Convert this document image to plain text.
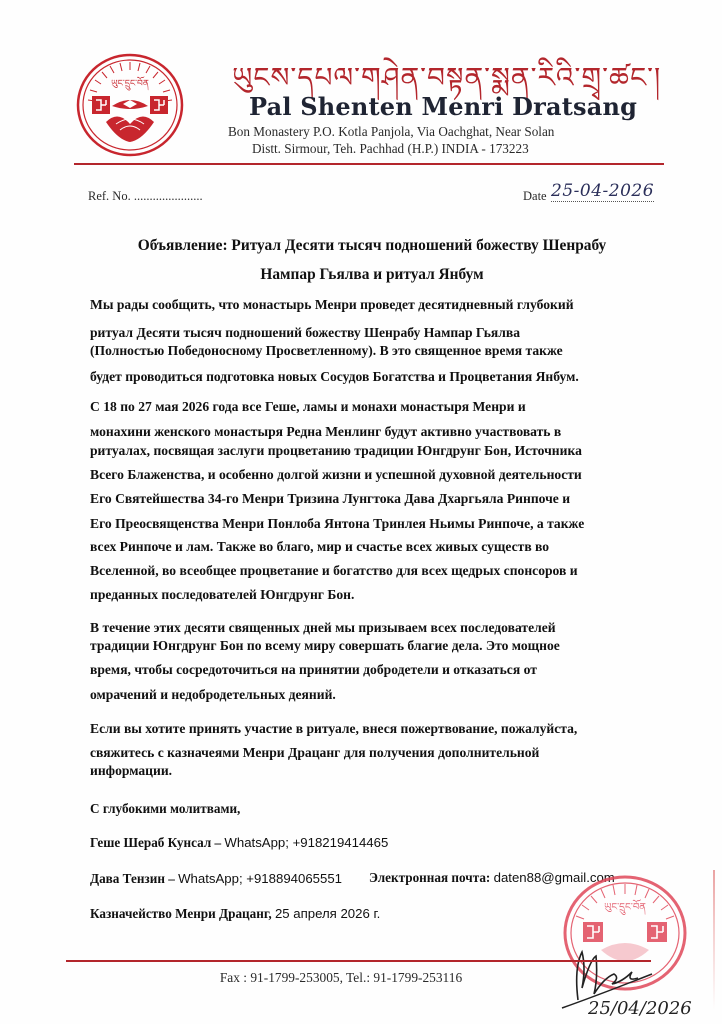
ཡུང་དྲུང་བོན	ཡུངས་དཔལ་གཤེན་བསྟན་སྨན་རིའི་གྲྭ་ཚང་།
Pal Shenten Menri Dratsang
Bon Monastery P.O. Kotla Panjola, Via Oachghat, Near Solan
Distt. Sirmour, Teh. Pachhad (H.P.) INDIA - 173223
Ref. No. ......................	Date 25-04-2026
Объявление: Ритуал Десяти тысяч подношений божеству Шенрабу
Нампар Гьялва и ритуал Янбум
Мы рады сообщить, что монастырь Менри проведет десятидневный глубокий
ритуал Десяти тысяч подношений божеству Шенрабу Нампар Гьялва
(Полностью Победоносному Просветленному). В это священное время также
будет проводиться подготовка новых Сосудов Богатства и Процветания Янбум.
С 18 по 27 мая 2026 года все Геше, ламы и монахи монастыря Менри и
монахини женского монастыря Редна Менлинг будут активно участвовать в
ритуалах, посвящая заслуги процветанию традиции Юнгдрунг Бон, Источника
Всего Блаженства, и особенно долгой жизни и успешной духовной деятельности
Его Святейшества 34-го Менри Тризина Лунгтока Дава Дхаргьяла Ринпоче и
Его Преосвященства Менри Понлоба Янтона Тринлея Ньимы Ринпоче, а также
всех Ринпоче и лам. Также во благо, мир и счастье всех живых существ во
Вселенной, во всеобщее процветание и богатство для всех щедрых спонсоров и
преданных последователей Юнгдрунг Бон.
В течение этих десяти священных дней мы призываем всех последователей
традиции Юнгдрунг Бон по всему миру совершать благие дела. Это мощное
время, чтобы сосредоточиться на принятии добродетели и отказаться от
омрачений и недобродетельных деяний.
Если вы хотите принять участие в ритуале, внеся пожертвование, пожалуйста,
свяжитесь с казначеями Менри Драцанг для получения дополнительной
информации.
С глубокими молитвами,
Геше Шераб Кунсал – WhatsApp; +918219414465
Дава Тензин – WhatsApp; +918894065551 Электронная почта: daten88@gmail.com
Казначейство Менри Драцанг, 25 апреля 2026 г.	ཡུང་དྲུང་བོན
25/04/2026
Fax : 91-1799-253005, Tel.: 91-1799-253116
